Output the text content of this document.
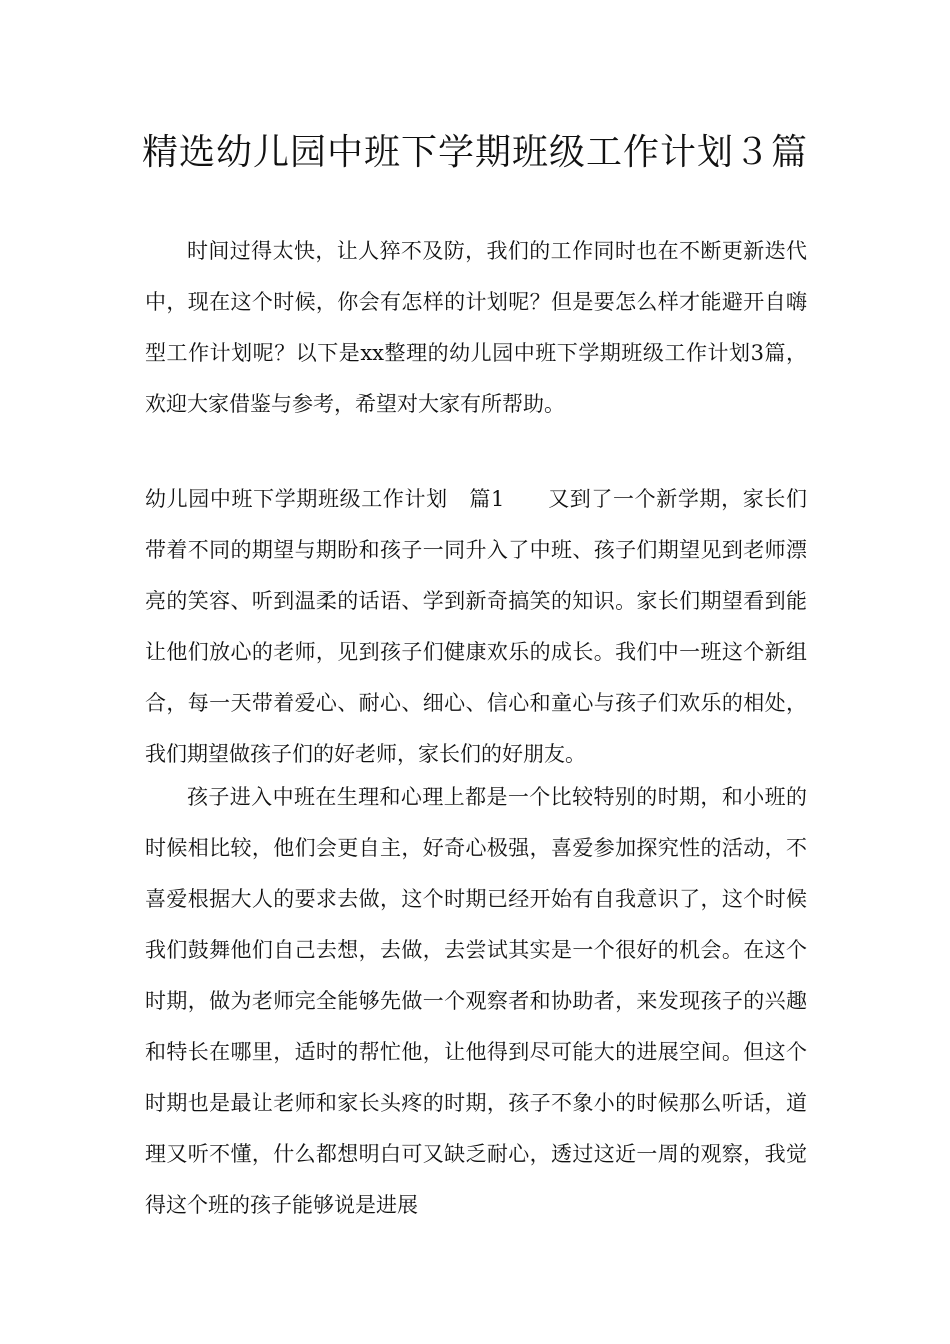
精选幼儿园中班下学期班级工作计划３篇

时间过得太快，让人猝不及防，我们的工作同时也在不断更新迭代中，现在这个时候，你会有怎样的计划呢？但是要怎么样才能避开自嗨型工作计划呢？以下是xx整理的幼儿园中班下学期班级工作计划3篇，欢迎大家借鉴与参考，希望对大家有所帮助。

幼儿园中班下学期班级工作计划　篇1　　 又到了一个新学期，家长们带着不同的期望与期盼和孩子一同升入了中班、孩子们期望见到老师漂亮的笑容、听到温柔的话语、学到新奇搞笑的知识。家长们期望看到能让他们放心的老师，见到孩子们健康欢乐的成长。我们中一班这个新组合，每一天带着爱心、耐心、细心、信心和童心与孩子们欢乐的相处，我们期望做孩子们的好老师，家长们的好朋友。

孩子进入中班在生理和心理上都是一个比较特别的时期，和小班的时候相比较，他们会更自主，好奇心极强，喜爱参加探究性的活动，不喜爱根据大人的要求去做，这个时期已经开始有自我意识了，这个时候我们鼓舞他们自己去想，去做，去尝试其实是一个很好的机会。在这个时期，做为老师完全能够先做一个观察者和协助者，来发现孩子的兴趣和特长在哪里，适时的帮忙他，让他得到尽可能大的进展空间。但这个时期也是最让老师和家长头疼的时期，孩子不象小的时候那么听话，道理又听不懂，什么都想明白可又缺乏耐心，透过这近一周的观察，我觉得这个班的孩子能够说是进展
